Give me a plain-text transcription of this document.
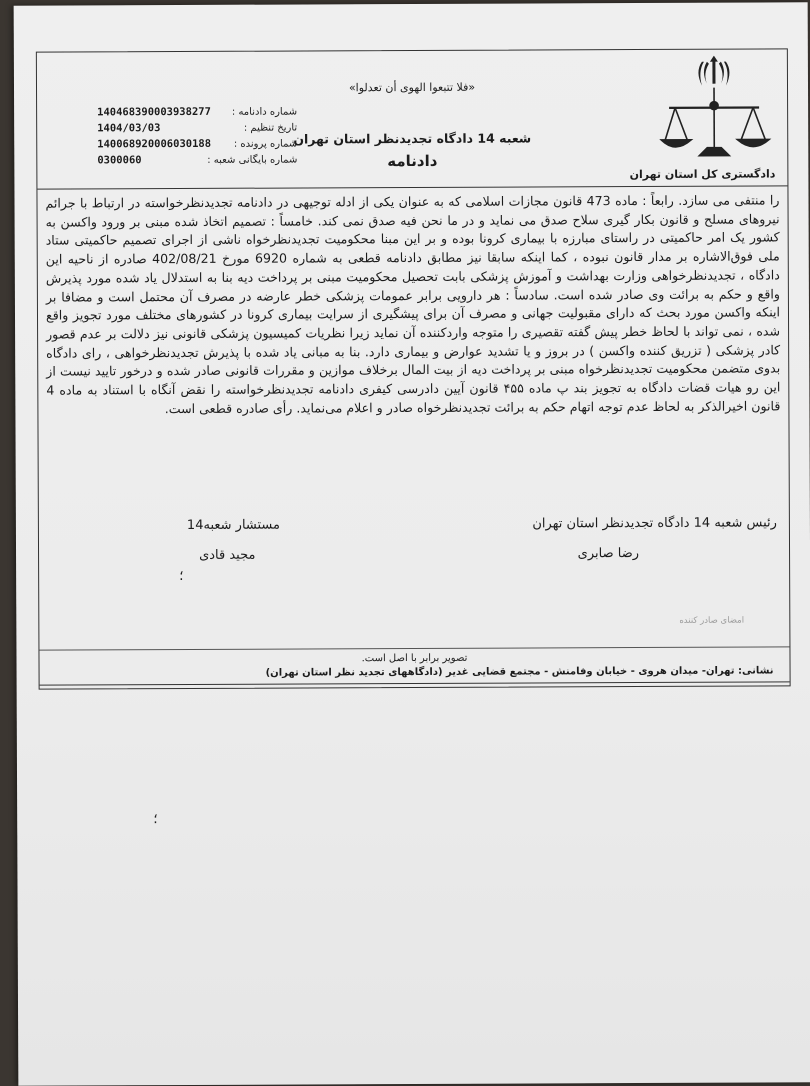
دادگستری کل استان تهران
«فلا تتبعوا الهوى أن تعدلوا»
شعبه 14 دادگاه تجدیدنظر استان تهران
دادنامه
شماره دادنامه :
140468390003938277
تاریخ تنظیم :
1404/03/03
شماره پرونده :
140068920006030188
شماره بایگانی شعبه :
0300060

را منتفی می سازد. رابعاً : ماده 473 قانون مجازات اسلامی که به عنوان یکی از ادله توجیهی در دادنامه تجدیدنظرخواسته در ارتباط با جرائم نیروهای مسلح و قانون بکار گیری سلاح صدق می نماید و در ما نحن فیه صدق نمی کند. خامساً : تصمیم اتخاذ شده مبنی بر ورود واکسن به کشور یک امر حاکمیتی در راستای مبارزه با بیماری کرونا بوده و بر این مبنا محکومیت تجدیدنظرخواه ناشی از اجرای تصمیم حاکمیتی ستاد ملی فوق‌الاشاره بر مدار قانون نبوده ، کما اینکه سابقا نیز مطابق دادنامه قطعی به شماره 6920 مورخ 402/08/21 صادره از ناحیه این دادگاه ، تجدیدنظرخواهی وزارت بهداشت و آموزش پزشکی بابت تحصیل محکومیت مبنی بر پرداخت دیه بنا به استدلال یاد شده مورد پذیرش واقع و حکم به برائت وی صادر شده است. سادساً : هر دارویی برابر عمومات پزشکی خطر عارضه در مصرف آن محتمل است و مضافا بر اینکه واکسن مورد بحث که دارای مقبولیت جهانی و مصرف آن برای پیشگیری از سرایت بیماری کرونا در کشورهای مختلف مورد تجویز واقع شده ، نمی تواند با لحاظ خطر پیش گفته تقصیری را متوجه واردکننده آن نماید زیرا نظریات کمیسیون پزشکی قانونی نیز دلالت بر عدم قصور کادر پزشکی ( تزریق کننده واکسن ) در بروز و یا تشدید عوارض و بیماری دارد. بنا به مبانی یاد شده با پذیرش تجدیدنظرخواهی ، رای دادگاه بدوی متضمن محکومیت تجدیدنظرخواه مبنی بر پرداخت دیه از بیت المال برخلاف موازین و مقررات قانونی صادر شده و درخور تایید نیست از این رو هیات قضات دادگاه به تجویز بند پ ماده ۴۵۵ قانون آیین دادرسی کیفری دادنامه تجدیدنظرخواسته را نقض آنگاه با استناد به ماده 4 قانون اخیرالذکر به لحاظ عدم توجه اتهام حکم به برائت تجدیدنظرخواه صادر و اعلام می‌نماید. رأی صادره قطعی است.

رئیس شعبه 14 دادگاه تجدیدنظر استان تهران
رضا صابری
مستشار شعبه14
مجید قادی
؛
امضای صادر کننده
تصویر برابر با اصل است.
نشانی: تهران- میدان هروی - خیابان وفامنش - مجتمع قضایی غدیر (دادگاههای تجدید نظر استان تهران)
؛
